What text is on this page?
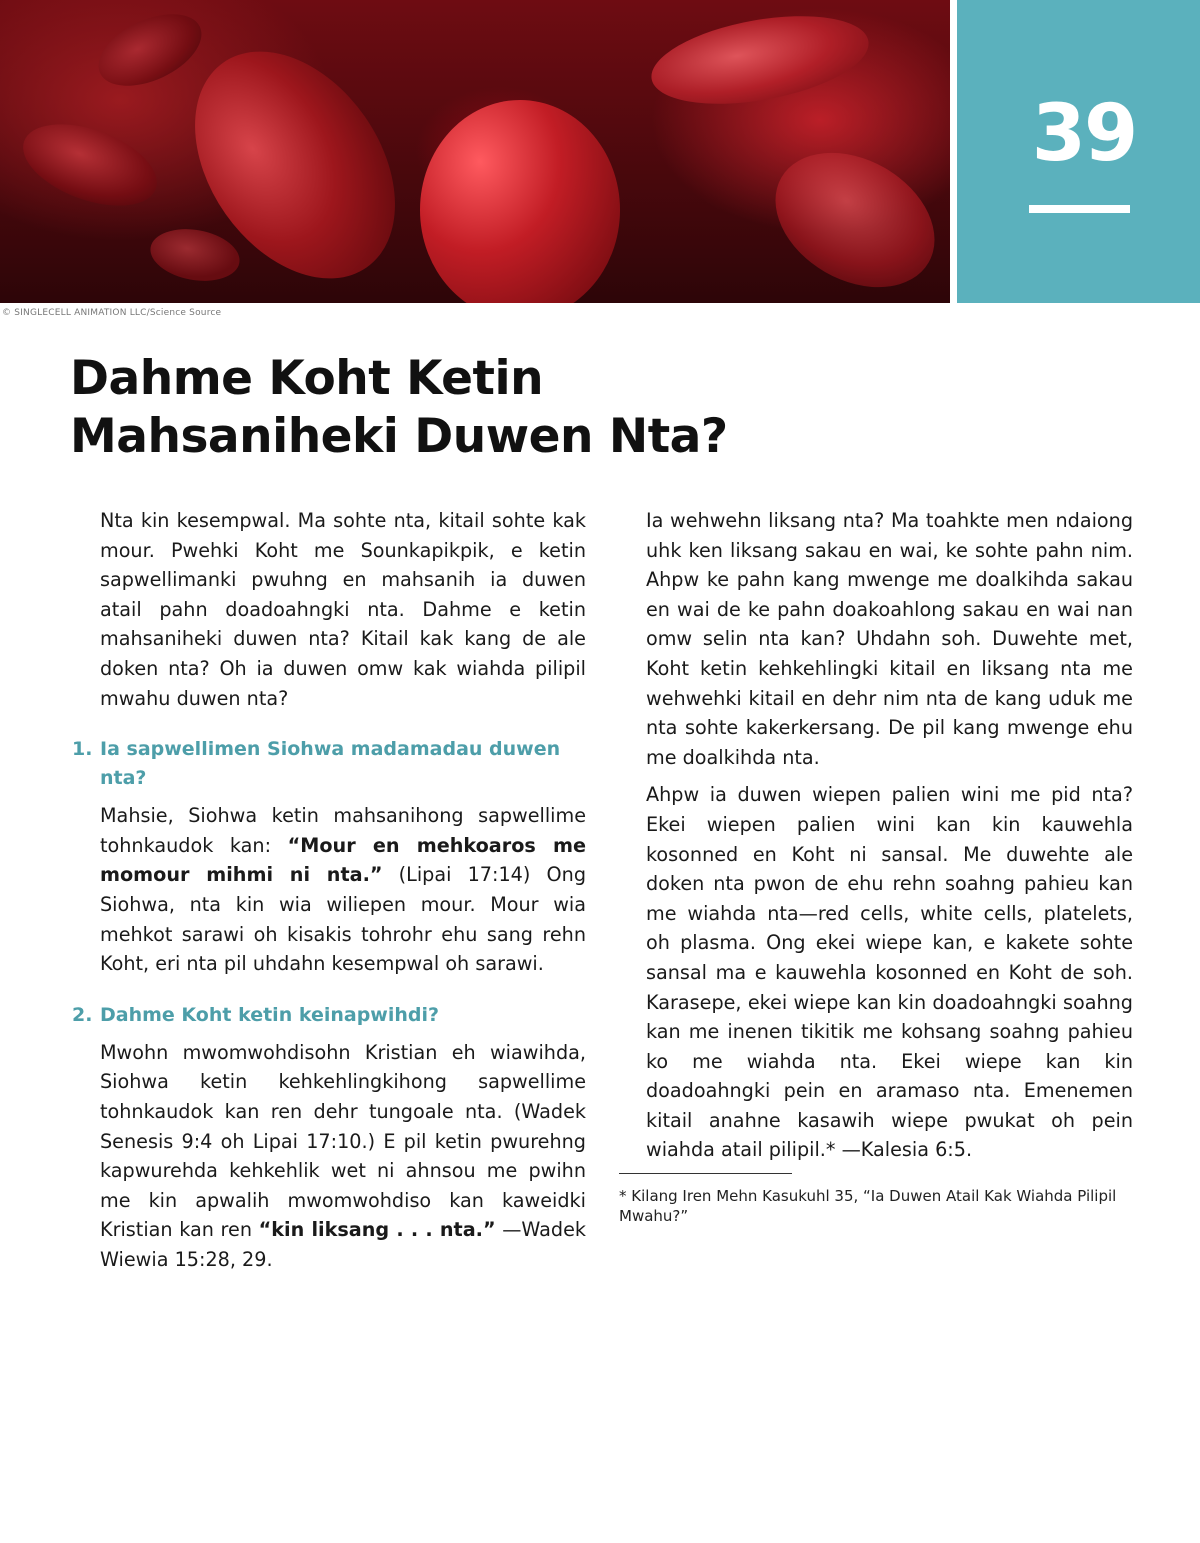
© SINGLECELL ANIMATION LLC/Science Source
39
Dahme Koht Ketin
Mahsaniheki Duwen Nta?

Nta kin kesempwal. Ma sohte nta, kitail sohte kak mour. Pwehki Koht me Sounkapikpik, e ketin sapwellimanki pwuhng en mahsanih ia duwen atail pahn doadoahngki nta. Dahme e ketin mahsaniheki duwen nta? Kitail kak kang de ale doken nta? Oh ia duwen omw kak wiahda pilipil mwahu duwen nta?

1. Ia sapwellimen Siohwa madamadau duwen nta?

Mahsie, Siohwa ketin mahsanihong sapwellime tohnkaudok kan: “Mour en mehkoaros me momour mihmi ni nta.” (Lipai 17:14) Ong Siohwa, nta kin wia wiliepen mour. Mour wia mehkot sarawi oh kisakis tohrohr ehu sang rehn Koht, eri nta pil uhdahn kesempwal oh sarawi.

2. Dahme Koht ketin keinapwihdi?

Mwohn mwomwohdisohn Kristian eh wiawihda, Siohwa ketin kehkehlingkihong sapwellime tohnkaudok kan ren dehr tungoale nta. (Wadek Senesis 9:4 oh Lipai 17:10.) E pil ketin pwurehng kapwurehda kehkehlik wet ni ahnsou me pwihn me kin apwalih mwomwohdiso kan kaweidki Kristian kan ren “kin liksang . . . nta.” —Wadek Wiewia 15:28, 29.

Ia wehwehn liksang nta? Ma toahkte men ndaiong uhk ken liksang sakau en wai, ke sohte pahn nim. Ahpw ke pahn kang mwenge me doalkihda sakau en wai de ke pahn doakoahlong sakau en wai nan omw selin nta kan? Uhdahn soh. Duwehte met, Koht ketin kehkehlingki kitail en liksang nta me wehwehki kitail en dehr nim nta de kang uduk me nta sohte kakerkersang. De pil kang mwenge ehu me doalkihda nta.

Ahpw ia duwen wiepen palien wini me pid nta? Ekei wiepen palien wini kan kin kauwehla kosonned en Koht ni sansal. Me duwehte ale doken nta pwon de ehu rehn soahng pahieu kan me wiahda nta—red cells, white cells, platelets, oh plasma. Ong ekei wiepe kan, e kakete sohte sansal ma e kauwehla kosonned en Koht de soh. Karasepe, ekei wiepe kan kin doadoahngki soahng kan me inenen tikitik me kohsang soahng pahieu ko me wiahda nta. Ekei wiepe kan kin doadoahngki pein en aramaso nta. Emenemen kitail anahne kasawih wiepe pwukat oh pein wiahda atail pilipil.* —Kalesia 6:5.

* Kilang Iren Mehn Kasukuhl 35, “Ia Duwen Atail Kak Wiahda Pilipil Mwahu?”
